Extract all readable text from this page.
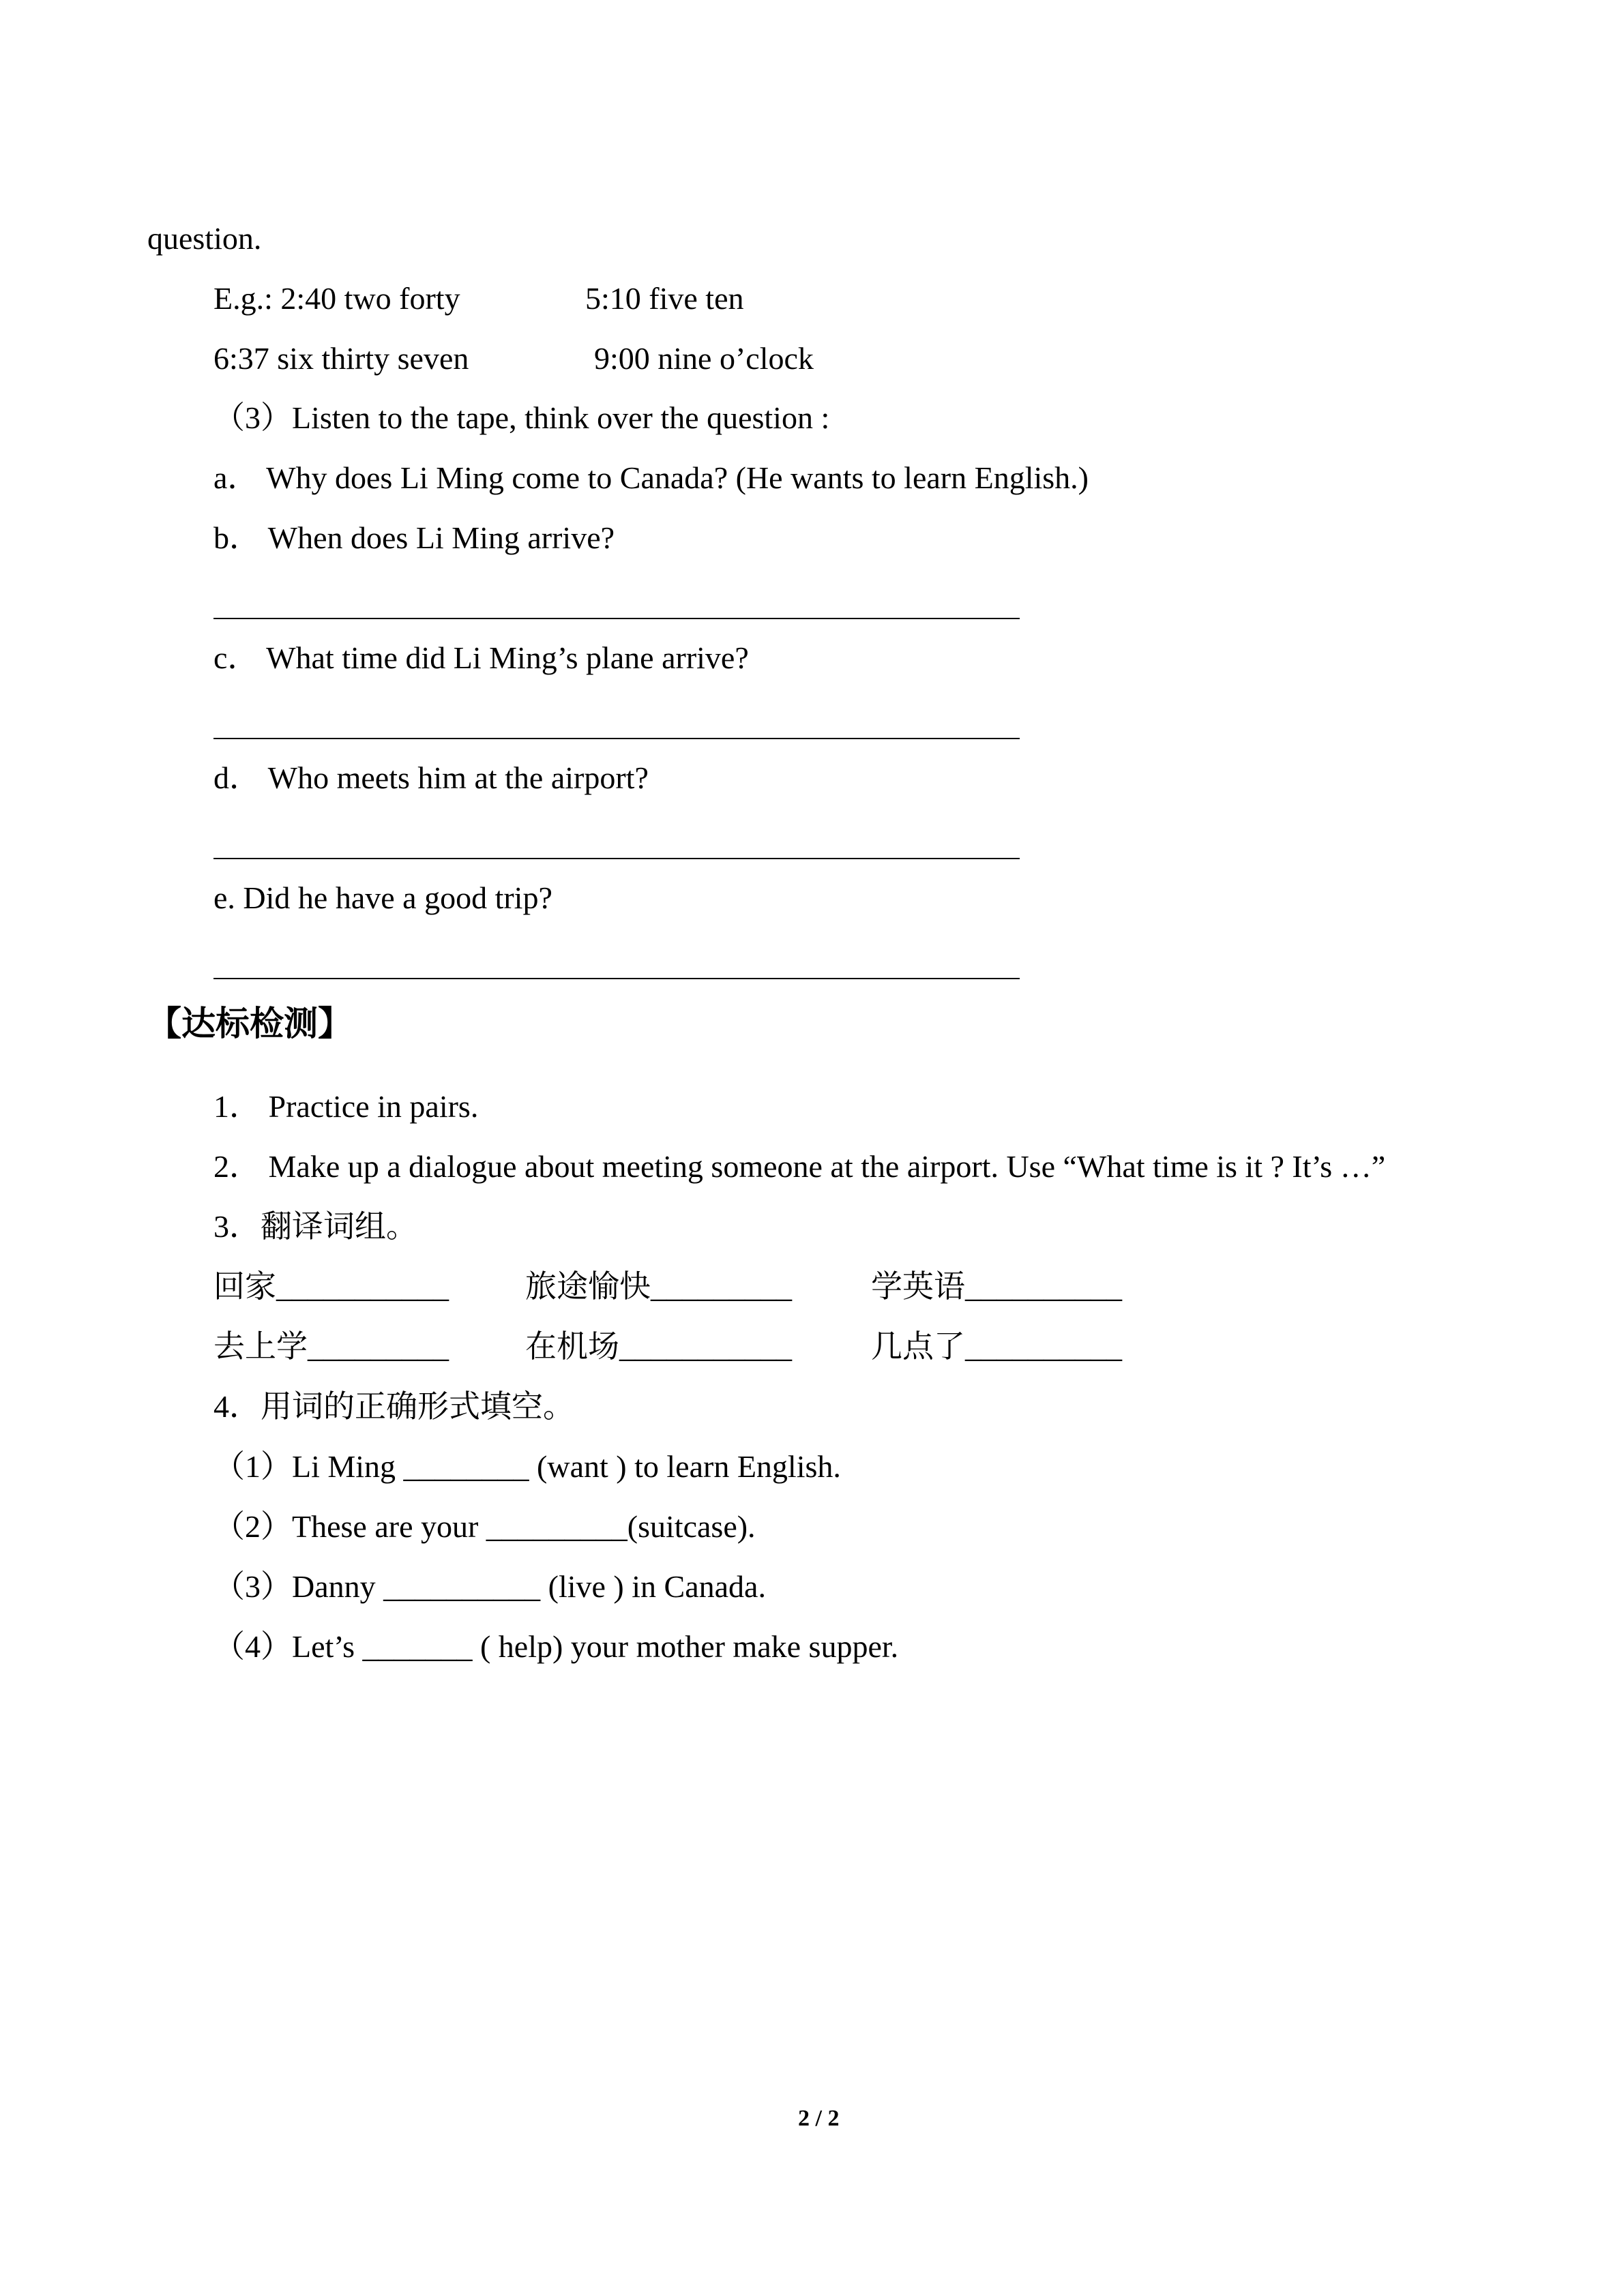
question.
E.g.: 2:40 two forty	5:10 five ten
6:37 six thirty seven	9:00 nine o’clock
（3）Listen to the tape, think over the question :
a． Why does Li Ming come to Canada? (He wants to learn English.)
b． When does Li Ming arrive?
c． What time did Li Ming’s plane arrive?
d． Who meets him at the airport?
e. Did he have a good trip?
【达标检测】
1． Practice in pairs.
2． Make up a dialogue about meeting someone at the airport. Use “What time is it ? It’s …”
3．翻译词组。
回家___________ 旅途愉快_________	学英语__________
去上学_________ 在机场___________	几点了__________
4．用词的正确形式填空。
（1）Li Ming ________ (want ) to learn English.
（2）These are your _________(suitcase).
（3）Danny __________ (live ) in Canada.
（4）Let’s _______ ( help) your mother make supper.
2 / 2
